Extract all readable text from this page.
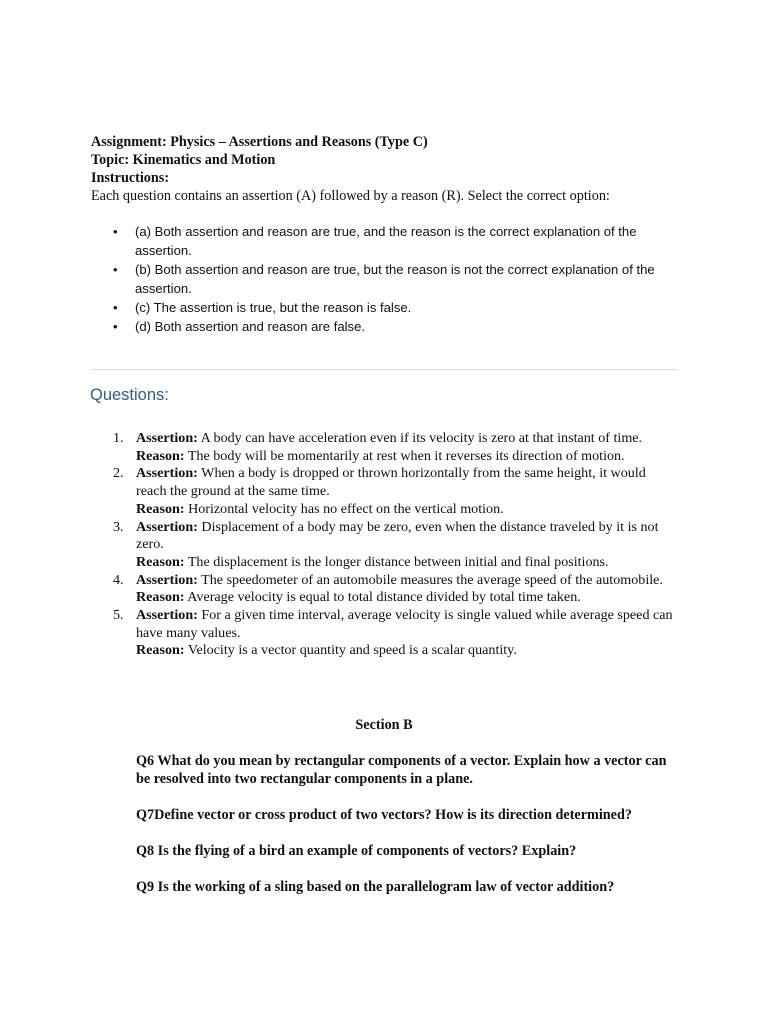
Assignment: Physics – Assertions and Reasons (Type C)
Topic: Kinematics and Motion
Instructions:
Each question contains an assertion (A) followed by a reason (R). Select the correct option:
• (a) Both assertion and reason are true, and the reason is the correct explanation of the assertion.
• (b) Both assertion and reason are true, but the reason is not the correct explanation of the assertion.
• (c) The assertion is true, but the reason is false.
• (d) Both assertion and reason are false.
Questions:
1. Assertion: A body can have acceleration even if its velocity is zero at that instant of time.
Reason: The body will be momentarily at rest when it reverses its direction of motion.
2. Assertion: When a body is dropped or thrown horizontally from the same height, it would reach the ground at the same time.
Reason: Horizontal velocity has no effect on the vertical motion.
3. Assertion: Displacement of a body may be zero, even when the distance traveled by it is not zero.
Reason: The displacement is the longer distance between initial and final positions.
4. Assertion: The speedometer of an automobile measures the average speed of the automobile.
Reason: Average velocity is equal to total distance divided by total time taken.
5. Assertion: For a given time interval, average velocity is single valued while average speed can have many values.
Reason: Velocity is a vector quantity and speed is a scalar quantity.
Section B
Q6 What do you mean by rectangular components of a vector. Explain how a vector can be resolved into two rectangular components in a plane.
Q7Define vector or cross product of two vectors? How is its direction determined?
Q8 Is the flying of a bird an example of components of vectors? Explain?
Q9 Is the working of a sling based on the parallelogram law of vector addition?
